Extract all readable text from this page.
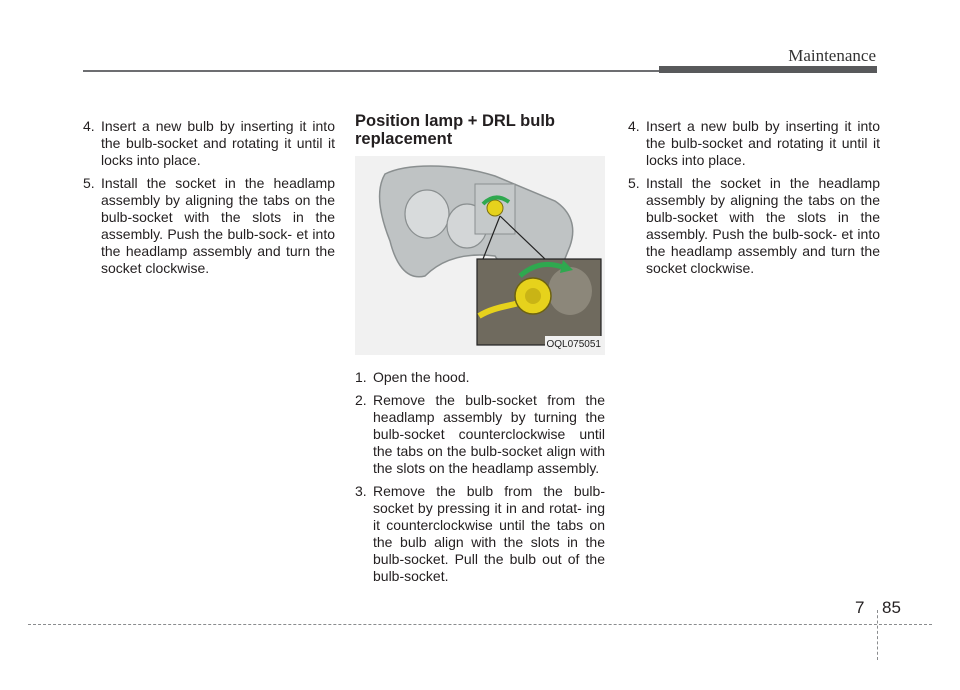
Maintenance
4. Insert a new bulb by inserting it into the bulb-socket and rotating it until it locks into place.
5. Install the socket in the headlamp assembly by aligning the tabs on the bulb-socket with the slots in the assembly. Push the bulb-sock- et into the headlamp assembly and turn the socket clockwise.
Position lamp + DRL bulb replacement
OQL075051
1. Open the hood.
2. Remove the bulb-socket from the headlamp assembly by turning the bulb-socket counterclockwise until the tabs on the bulb-socket align with the slots on the headlamp assembly.
3. Remove the bulb from the bulb- socket by pressing it in and rotat- ing it counterclockwise until the tabs on the bulb align with the slots in the bulb-socket. Pull the bulb out of the bulb-socket.
4. Insert a new bulb by inserting it into the bulb-socket and rotating it until it locks into place.
5. Install the socket in the headlamp assembly by aligning the tabs on the bulb-socket with the slots in the assembly. Push the bulb-sock- et into the headlamp assembly and turn the socket clockwise.
7 85
